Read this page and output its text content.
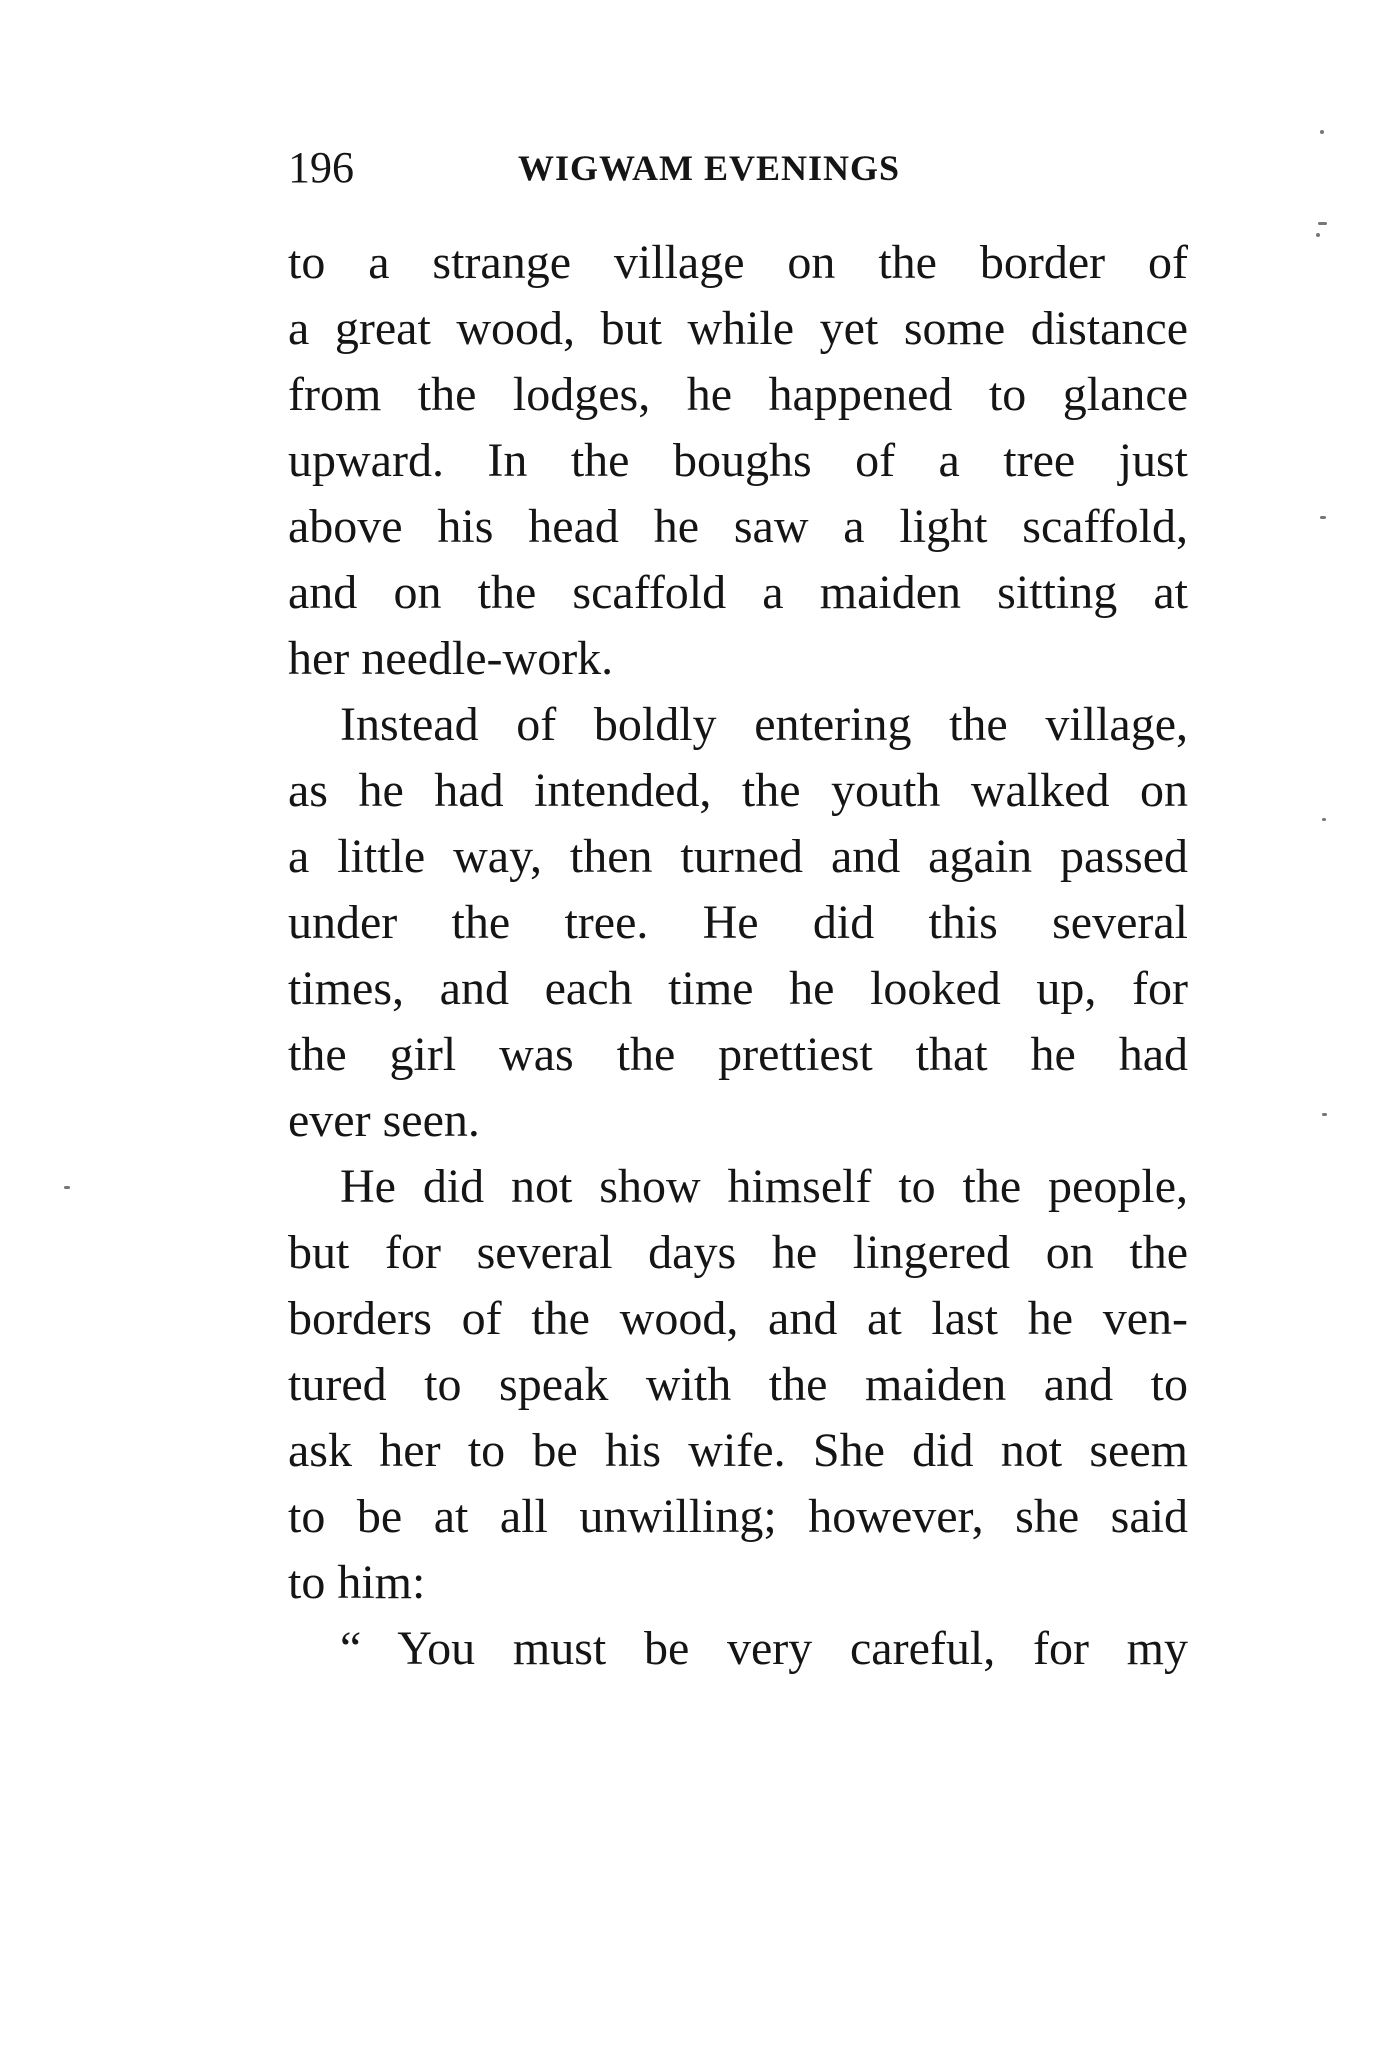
196	WIGWAM EVENINGS
to a strange village on the border of
a great wood, but while yet some distance
from the lodges, he happened to glance
upward. In the boughs of a tree just
above his head he saw a light scaffold,
and on the scaffold a maiden sitting at
her needle-work.
Instead of boldly entering the village,
as he had intended, the youth walked on
a little way, then turned and again passed
under the tree. He did this several
times, and each time he looked up, for
the girl was the prettiest that he had
ever seen.
He did not show himself to the people,
but for several days he lingered on the
borders of the wood, and at last he ven-
tured to speak with the maiden and to
ask her to be his wife. She did not seem
to be at all unwilling; however, she said
to him:
“ You must be very careful, for my
